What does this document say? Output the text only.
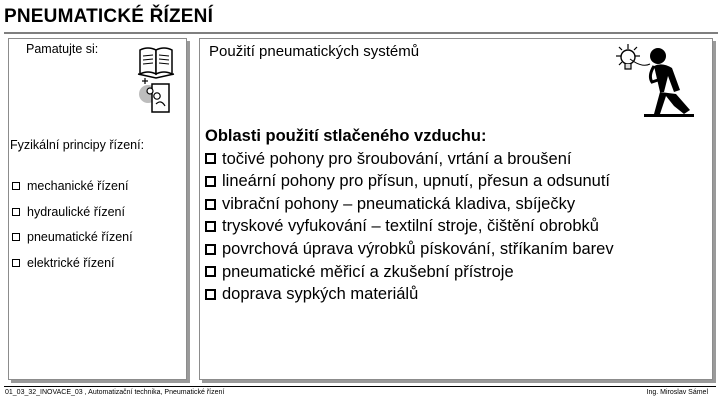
PNEUMATICKÉ ŘÍZENÍ
Pamatujte si:
Fyzikální principy řízení:
mechanické řízení
hydraulické řízení
pneumatické řízení
elektrické řízení
Použití pneumatických systémů
Oblasti použití stlačeného vzduchu:
točivé pohony pro šroubování, vrtání a broušení
lineární pohony pro přísun, upnutí, přesun a odsunutí
vibrační pohony – pneumatická kladiva, sbíječky
tryskové vyfukování – textilní stroje, čištění obrobků
povrchová úprava výrobků pískování, stříkaním barev
pneumatické měřicí a zkušební přístroje
doprava sypkých materiálů
01_03_32_INOVACE_03 , Automatizační technika, Pneumatické řízení	Ing. Miroslav Sámel
